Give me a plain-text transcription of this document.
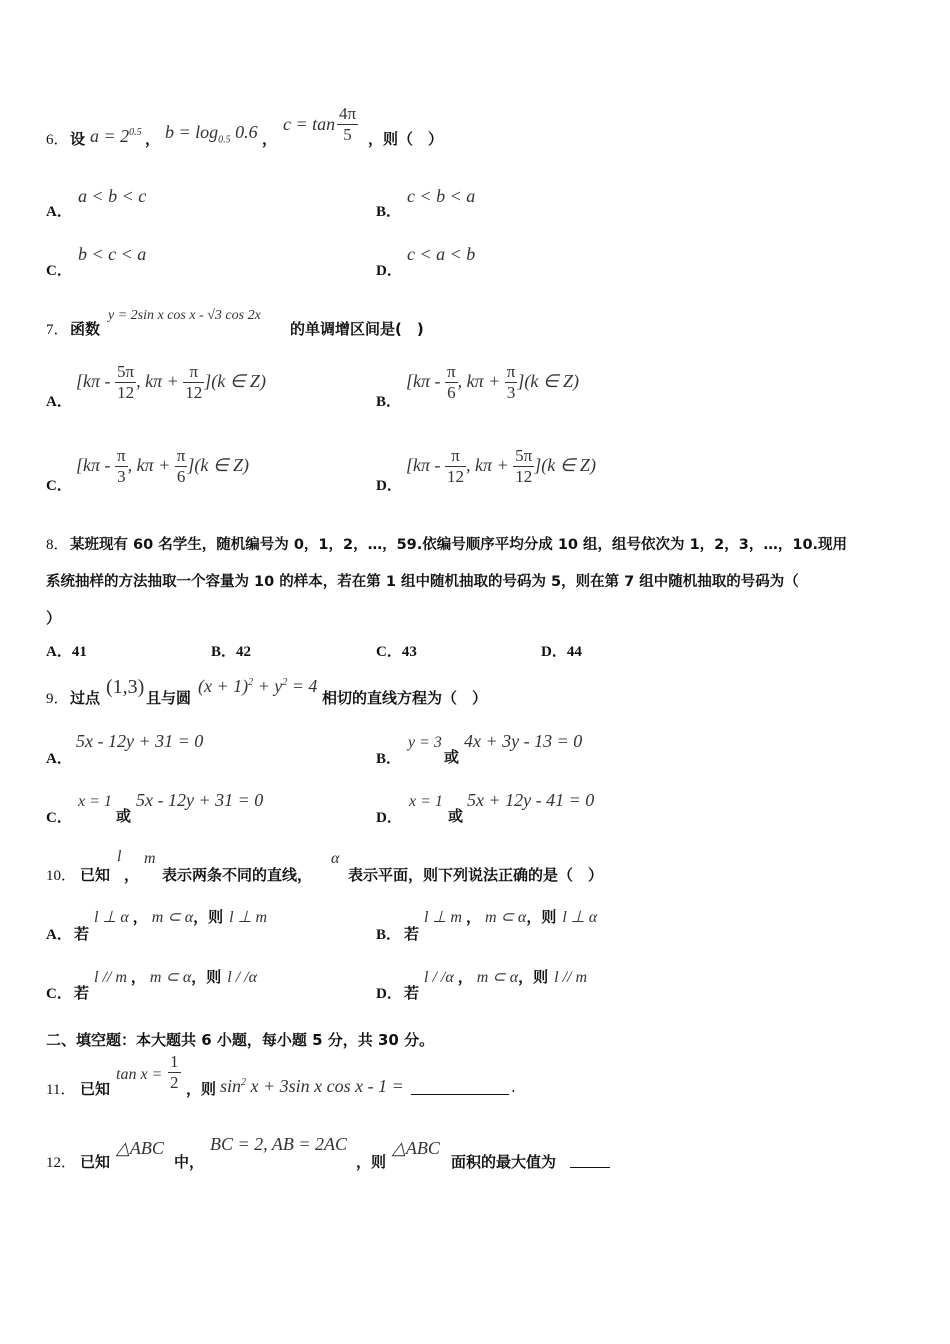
6． 设 $a = 2^{0.5}$ ， $b = \log_{0.5} 0.6$ ，
$c = \tan \frac{4\pi}{5}$ ，则（　）
A．
a < b < c
B．
c < b < a
C．
b < c < a
D．
c < a < b
7． 函数
y = 2sin x cos x - √3 cos 2x
的单调增区间是(　)
A．
[$k\pi - \frac{5\pi}{12}$ , $k\pi + \frac{\pi}{12} ](k$ ∈ Z)
B．
[$k\pi - \frac{\pi}{6}$ , $k\pi + \frac{\pi}{3} ](k$ ∈ Z)
C．
[$k\pi - \frac{\pi}{3}$ , $k\pi + \frac{\pi}{6} ](k$ ∈ Z)
D．
[$k\pi - \frac{\pi}{12}$ , $k\pi + \frac{5\pi}{12} ](k$ ∈ Z)
8． 某班现有 60 名学生，随机编号为 0，1，2，…，59.依编号顺序平均分成 10 组，组号依次为 1，2，3，…，10.现用
系统抽样的方法抽取一个容量为 10 的样本，若在第 1 组中随机抽取的号码为 5，则在第 7 组中随机抽取的号码为（
）
A．41	B．42	C．43	D．44
9． 过点 (1,3) 且与圆
$(x + 1)^2 + y^2 = 4$
相切的直线方程为（　）
A．
5x - 12y + 31 = 0
B．
y = 3
或
4x + 3y - 13 = 0
C．
x = 1
或
5x - 12y + 31 = 0
D．
x = 1
或
5x + 12y - 41 = 0
10． 已知
l
，
m
表示两条不同的直线，
α
表示平面，则下列说法正确的是（　）
A． 若
l ⊥ α ， m ⊂ α，则 l ⊥ m
B． 若
l ⊥ m ， m ⊂ α，则 l ⊥ α
C． 若
l // m ， m ⊂ α，则 l / /α
D． 若
l / /α ， m ⊂ α，则 l // m
二、填空题：本大题共 6 小题，每小题 5 分，共 30 分。
11． 已知
$\tan x = \frac{1}{2}$ ，则 $\sin^2 x + 3\sin$ x cos x - 1 =	.
12． 已知
△ABC
中，
BC = 2, AB = 2AC
，则
△ABC
面积的最大值为
